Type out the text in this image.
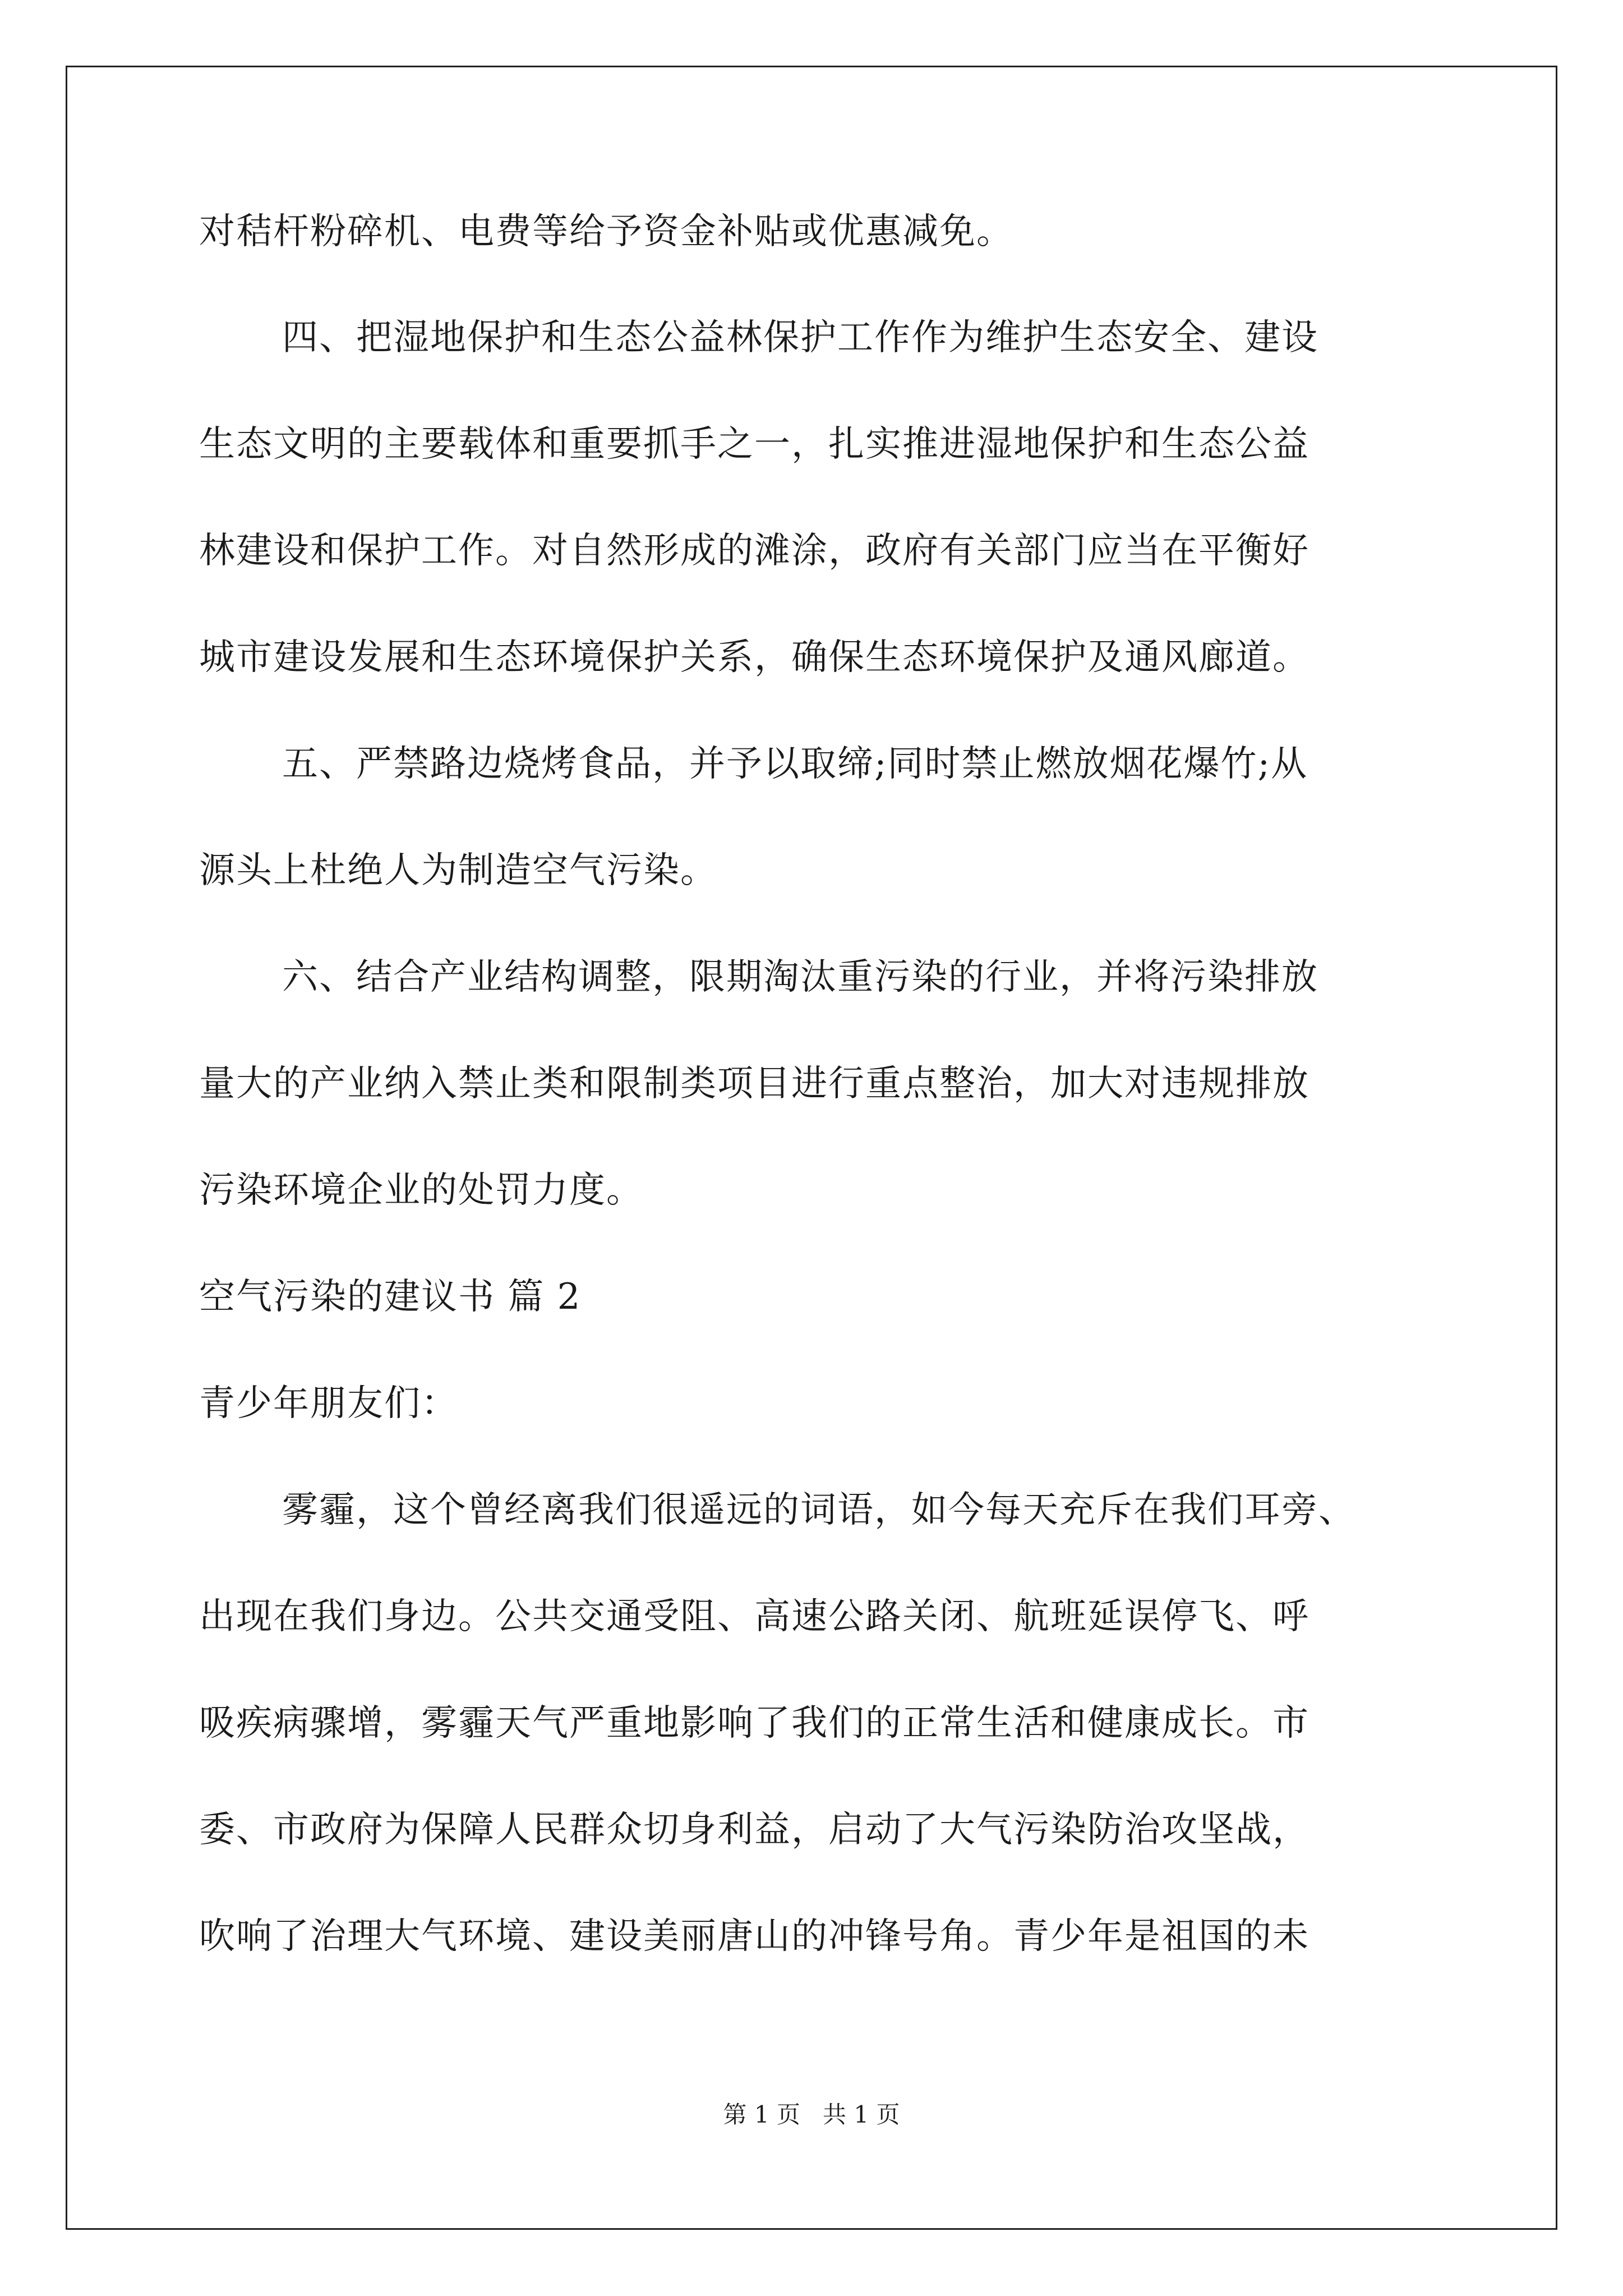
对秸杆粉碎机、电费等给予资金补贴或优惠减免。
四、把湿地保护和生态公益林保护工作作为维护生态安全、建设
生态文明的主要载体和重要抓手之一，扎实推进湿地保护和生态公益
林建设和保护工作。对自然形成的滩涂，政府有关部门应当在平衡好
城市建设发展和生态环境保护关系，确保生态环境保护及通风廊道。
五、严禁路边烧烤食品，并予以取缔;同时禁止燃放烟花爆竹;从
源头上杜绝人为制造空气污染。
六、结合产业结构调整，限期淘汰重污染的行业，并将污染排放
量大的产业纳入禁止类和限制类项目进行重点整治，加大对违规排放
污染环境企业的处罚力度。
空气污染的建议书 篇 2
青少年朋友们：
雾霾，这个曾经离我们很遥远的词语，如今每天充斥在我们耳旁、
出现在我们身边。公共交通受阻、高速公路关闭、航班延误停飞、呼
吸疾病骤增，雾霾天气严重地影响了我们的正常生活和健康成长。市
委、市政府为保障人民群众切身利益，启动了大气污染防治攻坚战，
吹响了治理大气环境、建设美丽唐山的冲锋号角。青少年是祖国的未
第 1 页   共 1 页
